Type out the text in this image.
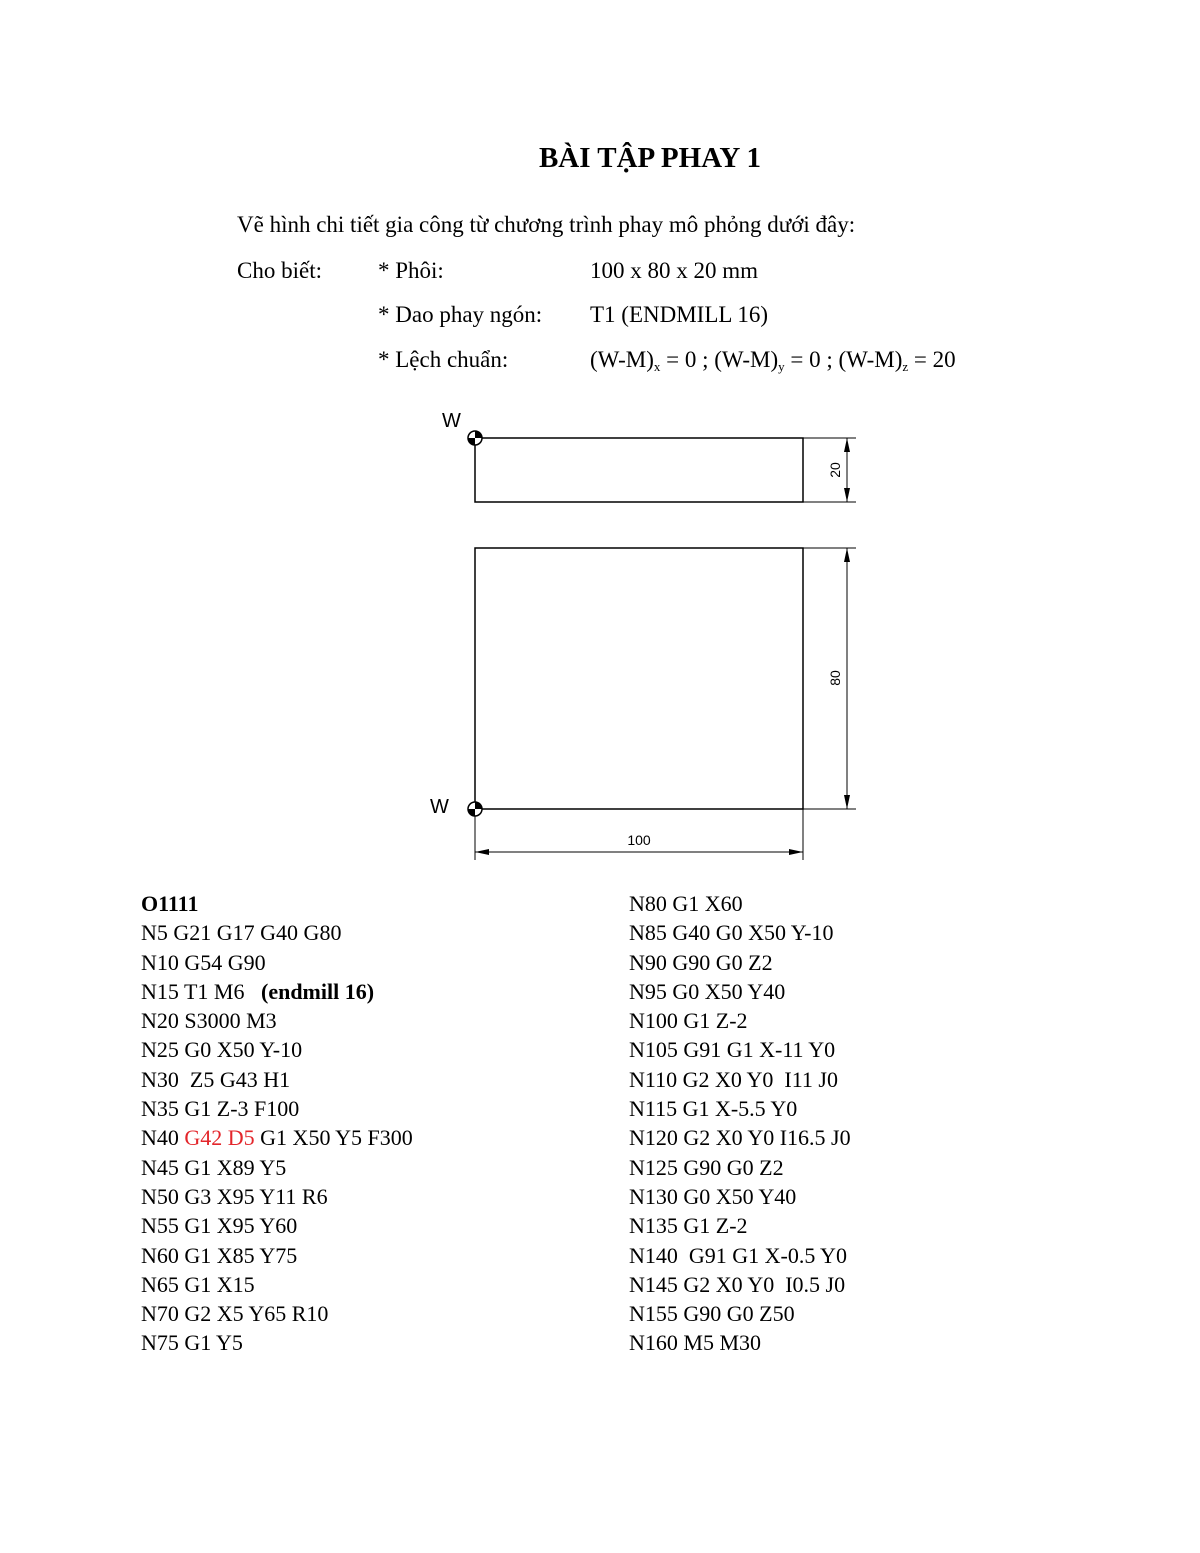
BÀI TẬP PHAY 1
Vẽ hình chi tiết gia công từ chương trình phay mô phỏng dưới đây:
Cho biết: * Phôi:	100 x 80 x 20 mm
* Dao phay ngón: T1 (ENDMILL 16)
* Lệch chuẩn:	$(W-M)_x = 0$ ; $(W-M)_y = 0$ ; $(W-M)_z = 20$
20
W
80
100
W
O1111
N5 G21 G17 G40 G80
N10 G54 G90
N15 T1 M6   (endmill 16)
N20 S3000 M3
N25 G0 X50 Y-10
N30  Z5 G43 H1
N35 G1 Z-3 F100
N40 G42 D5 G1 X50 Y5 F300
N45 G1 X89 Y5
N50 G3 X95 Y11 R6
N55 G1 X95 Y60
N60 G1 X85 Y75
N65 G1 X15
N70 G2 X5 Y65 R10
N75 G1 Y5
N80 G1 X60
N85 G40 G0 X50 Y-10
N90 G90 G0 Z2
N95 G0 X50 Y40
N100 G1 Z-2
N105 G91 G1 X-11 Y0
N110 G2 X0 Y0  I11 J0
N115 G1 X-5.5 Y0
N120 G2 X0 Y0 I16.5 J0
N125 G90 G0 Z2
N130 G0 X50 Y40
N135 G1 Z-2
N140  G91 G1 X-0.5 Y0
N145 G2 X0 Y0  I0.5 J0
N155 G90 G0 Z50
N160 M5 M30
